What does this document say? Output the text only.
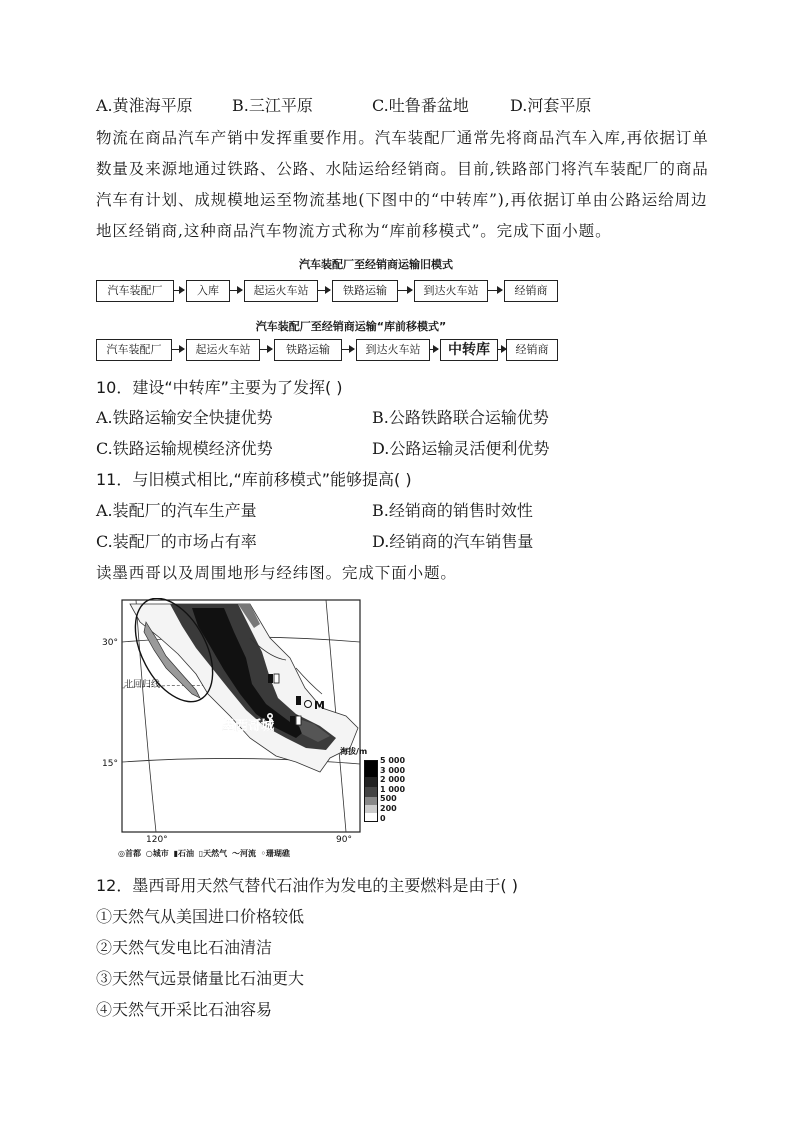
A.黄淮海平原 B.三江平原	C.吐鲁番盆地	D.河套平原
物流在商品汽车产销中发挥重要作用。汽车装配厂通常先将商品汽车入库,再依据订单
数量及来源地通过铁路、公路、水陆运给经销商。目前,铁路部门将汽车装配厂的商品
汽车有计划、成规模地运至物流基地(下图中的“中转库”),再依据订单由公路运给周边
地区经销商,这种商品汽车物流方式称为“库前移模式”。完成下面小题。
汽车装配厂至经销商运输旧模式
汽车装配厂	入库	起运火车站	铁路运输	到达火车站	经销商
汽车装配厂至经销商运输“库前移模式”
汽车装配厂	起运火车站	铁路运输	到达火车站	中转库	经销商
10．建设“中转库”主要为了发挥( )
A.铁路运输安全快捷优势	B.公路铁路联合运输优势
C.铁路运输规模经济优势	D.公路运输灵活便利优势
11．与旧模式相比,“库前移模式”能够提高( )
A.装配厂的汽车生产量	B.经销商的销售时效性
C.装配厂的市场占有率	D.经销商的汽车销售量
读墨西哥以及周围地形与经纬图。完成下面小题。
M
墨西哥城
北回归线
30°
15°
120°	90°
海拔/m
5 000
3 000
2 000
1 000
500
200
0
◎首都 ○城市 ▮石油 ▯天然气 〜河流 ◦珊瑚礁
12．墨西哥用天然气替代石油作为发电的主要燃料是由于( )
①天然气从美国进口价格较低
②天然气发电比石油清洁
③天然气远景储量比石油更大
④天然气开采比石油容易
